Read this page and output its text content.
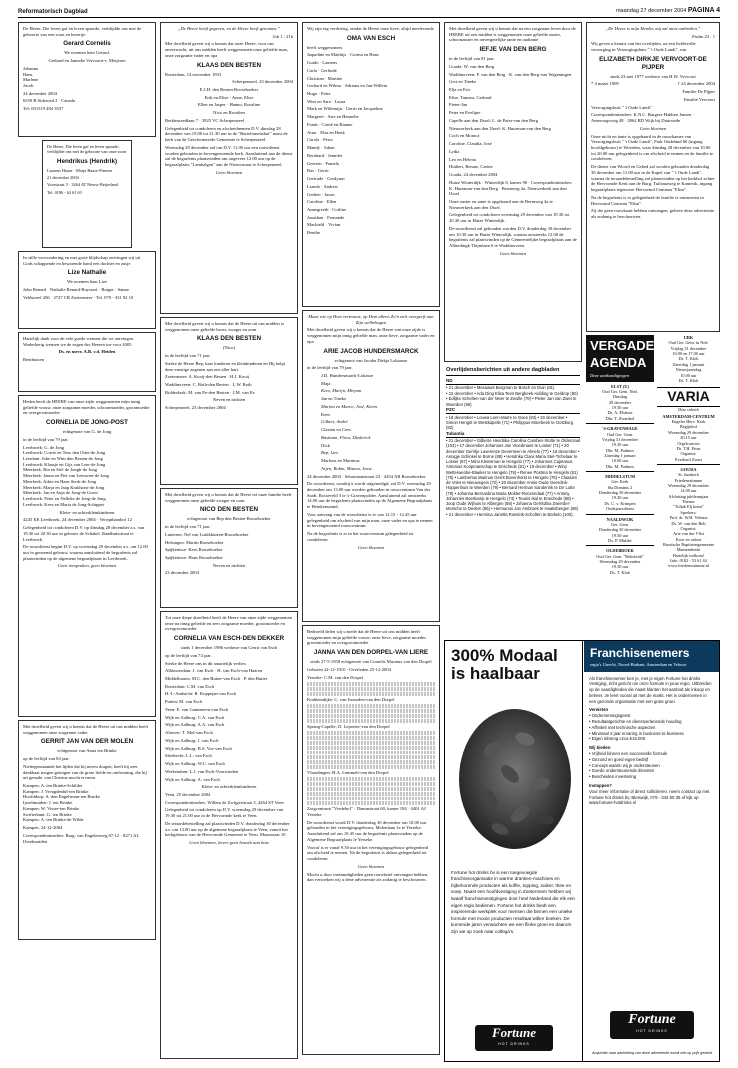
Reformatorisch Dagblad	maandag 27 december 2004 PAGINA 4

De Heere, Die leven gaf en leven spaarde, verblijdde ons met de geboorte van een zoon en broertje

Gerard Cornelis

We noemen hem Gerard.

Gerhard en Janneke Vervoorn-v. Meijeren

Johanna
Hans
Marlene
Jacob

24 december 2004

6550 B Sideroad 2 · Canada

Tel: 001519 484 3537

De Heere, Die leven gaf en leven spaarde, verblijdde ons met de geboorte van onze zoon

Hendrikus (Hendrik)

Laurens Haase · Marja Haase-Prinsen

21 december 2004

Voorstraat 3 · 3264 AT Nieuw-Beijerland

Tel. 0186 - 62 61 63

In stille verwondering en met grote blijdschap ontvingen wij uit Gods schappende en bewarende hand een dochter en zusje

Lize Nathalie

We noemen haar Lize

John Renard · Nathalie Renard-Ruyssert · Ruiger · Sanne

Veldstreef 206 · 2727 CR Zoetermeer · Tel. 079 - 331 92 10

Hartelijk dank voor de vele goede wensen die we ontvingen. Wederkerig wensen we de zegen des Heeren toe voor 2005.

Ds. en mevr. A.B. v.d. Heiden

Benthuizen

Heden heeft de HEERE van onze zijde weggenomen mijn innig geliefde vrouw, onze zorgzame moeder, schoonmoeder, grootmoeder en overgrootmoeder

CORNELIA DE JONG-POST

echtgenote van G. de Jong

in de leeftijd van 79 jaar.

Leerbroek: G. de Jong
Leerbroek: Corrie en Teus den Otter-de Jong
Leerdam: Joke en Wim den Besten-de Jong
Leerbroek: Klaasje en Gijs van Leer-de Jong
Meerkerk: Ria en Stef de Jongh-de Jong
Meerkerk: Janna en Piet van Leeuwen-de Jong
Meerkerk: Adrie en Hans Sterk-de Jong
Meerkerk: Marja en Jaap Krakhorst-de Jong
Meerkerk: Jan en Anja de Jong-de Groot
Leerbroek: Peter en Nelleke de Jong-de Jong
Leerbroek: Kees en Maria de Jong-Schipper

Klein- en achterkleinkinderen

4245 KE Leerbroek, 24 december 2004 · Verripthamhof 12

Gelegenheid tot condoleren D.V. op dinsdag 28 december a.s. van 19.30 tot 20.30 uur in gebouw de Schakel, Raadhuisstraat te Leerbroek.

De rouwdienst begint D.V. op woensdag 29 december a.s. om 12.00 uur in genoemd gebouw, waarna aansluitend de begrafenis zal plaatsvinden op de algemene begraafplaats in Leerbroek.

Geen toespraken, geen bloemen

Met droefheid geven wij u kennis dat de Heere uit ons midden heeft weggenomen onze zorgzame vader

GERRIT JAN VAN DER MOLEN

echtgenoot van Anna ten Brinke

op de leeftijd van 84 jaar.

Niettegenstaande het lijden dat hij moest dragen, heeft hij zeer dankbaar mogen getuigen van de grote liefde en ontferming, die hij uit genade, van Christus mocht ervaren.

Kampen: A. ten Brinke-Schilder
Kampen: J. Vreugdenhil-ten Brinke
Hoofddorp: A. den Engelsman-ten Brinke
Ijsselmuiden: J. ten Brinke
Kampen: W. Visser-ten Brinke
Swifterbant: G. ten Brinke
Kampen: A. ten Brinke-de Wilde

Kampen, 24-12-2004

Correspondentieadres: Burg. van Engelenweg 67-12 · 8271 AL IJsselmuiden

„De Heere heeft gegeven, en de Heere heeft genomen.”

Job 1 : 21b

Met droefheid geven wij u kennis dat onze Heere, voor ons onverwacht, uit ons midden heeft weggenomen onze geliefde man, onze zorgzame vader en opa

KLAAS DEN BESTEN

Rotterdam, 14 november 1933

Scherpenzeel, 23 december 2004

E.J.H. den Besten-Rooseboeker

Erik en Elise · Anne, Elise

Ellen en Jasper · Hanno, Rosaline

Nico en Rosalien

Berkinsteedlaan 7 · 3925 VC Scherpenzeel

Gelegenheid tot condoleren en afscheidnemen D.V. dinsdag 28 december van 19.00 tot 21.30 uur in de "Bartolomeüshof" naast de kerk van de Gereformeerde Gemeente te Scherpenzeel.

Woensdag 29 december zal om D.V. 11.00 uur een rouwdienst worden gehouden in bovengenoemde kerk. Aansluitend aan de dienst zal de begrafenis plaatsvinden om ongeveer 12.00 uur op de begraafplaats "Lambalgen" aan de Nieuwstraat te Scherpenzeel.

Geen bloemen

Met droefheid geven wij u kennis dat de Heere uit ons midden is weggenomen onze geliefde broer, zwager en oom

KLAAS DEN BESTEN

(Nico)

in de leeftijd van 71 jaar.

Sterke de Heere Bep, haar kinderen en kleinkinderen en Hij helpt deze ernstige zegenen aan ons aller hart.

Zoetermeer: A. Kooij-den Besten · H.J. Kooij

Waddinxveen: C. Both-den Besten · L.W. Both

Ridderkerk: M. van Ee-den Besten · J.M. van Ee

Neven en nichten

Scherpenzeel, 23 december 2004

Met droefheid geven wij u kennis dat de Heere tot onze familie heeft weggenomen onze geliefde zwager en oom

NICO DEN BESTEN

echtgenoot van Bep den Besten-Rooseboeker

in de leeftijd van 71 jaar.

Lunteren: Nel van Luttikhuizen-Rooseboeker

Helsingen: Martin Rooseboeker

Spijkenisse: Kees Rooseboeker

Spijkenisse: Hans Rooseboeker

Neven en nichten

23 december 2004

Tot onze diepe droefheid heeft de Heere van onze zijde weggenomen onze na innig geliefde en zeer zorgzame moeder, grootmoeder en overgrootmoeder

CORNELIA VAN ESCH-DEN DEKKER

sinds 1 december 1986 weduwe van Gerrit van Esch

op de leeftijd van 74 jaar.

Sterke de Heere ons in dit smartelijk verlies.

Alblasserdam: J. van Esch · H. van Esch-van Haaren

Middelharnis: M.C. den Butter-van Esch · P. den Butter

Rotterdam: C.M. van Esch

H.-I.-Ambacht: R. Koppejan-van Esch

Putten: M. van Esch

Veen: E. van Gammeren-van Esch

Wijk en Aalburg: C.A. van Esch

Wijk en Aalburg: A.A. van Esch

Altewer: T. Mol-van Esch

Wijk en Aalburg: J. van Esch

Wijk en Aalburg: B.S. Vos-van Esch

Sliedrecht: L.L. van Esch

Wijk en Aalburg: W.C. van Esch

Werkendam: L.J. van Esch-Voorwinden

Wijk en Aalburg: A. van Esch

Klein- en achterkleinkinderen

Veen, 25 december 2004

Correspondentieadres: Willem de Zwijgerstraat 3, 4264 ST Veen

Gelegenheid tot condoleren op D.V. woensdag 29 december van 19.30 tot 21.00 uur in de Hervormde kerk te Veen.

De teraardebestelling zal plaatsvinden D.V. donderdag 30 december a.s. om 13.00 uur op de algemene begraafplaats te Veen, vanuit het kerkgebouw van de Hervormde Gemeente te Veen, Maasstraat 10.

Geen bloemen, liever geen bezoek aan huis

Wij zijn erg verdrietig, omdat de Heere onze lieve, altijd meelevende

OMA VAN ESCH

heeft weggenomen.

Jaqueline en Matthijs · Corina en Hans

Guido · Laurens

Carla · Gerlinde

Christian · Martine

Gerhard en Wilma · Adriana en Jan-Willem

Hugo · Peter

Wim en Sara · Laura

Mark en Willemijn · Gerrit en Jacqueline

Margreet · Arie en Hannelie

Frank · Corné en Rianne

Arnu · Elsa en Henk

Carola · Petra

Mandy · Johan

Bernhard · Jennifer

Geerten · Pamela

Bas · Gerrit

Gertrude · Gerdymn

Lianda · Andrew

Gerben · Jason

Caroline · Ellen

Annegreeth · Corline

Jonathan · Fernande

Machteld · Vivian

Benthe

Maar wie op Hem vertrouwt, op Hem alleen Zo'n zich overgeeft aan Zijn welbehagen

Met droefheid geven wij u kennis dat de Heere van onze zijde is weggenomen mijn innig geliefde man, onze lieve, zorgzame vader en opa

ARIE JACOB HUNDERSMARCK

echtgenoot van Jacoba Dirkje Lokaasse

in de leeftijd van 79 jaar.

J.D. Hundersmarck-Lokasse

Maja

Kees, Marijn, Mirjam

Jan en Tineke

Marina en Marco, José, Karin

Kees

Gilbert, André

Claxien en Cees

Bastiaan, Flora, Diederick

Dick

Bep, Lies

Marlous en Martinus

Arjen, Robin, Manon, Josse

24 december 2004 · Sebastiaanstraat 23 · 4454 AR Rooseboeker

De rouwdienst, waarbij u wordt uitgenodigd, zal D.V. woensdag 29 december om 13.00 uur worden gehouden in rouwcentrum Van der Stadt, Rosseveld 3 te 's-Gravenpolder. Aansluitend zal omstreeks 14.00 uur de begrafenis plaatsvinden op de Algemene Begraafplaats te Heinkenszand.

Voor aanvang van de rouwdienst is er van 12.15 - 12.45 uur gelegenheid om afscheid van mijn man, onze vader en opa te nemen in bovengenoemd rouwcentrum.

Na de begrafenis is er in het rouwcentrum gelegenheid tot condoleren.

Geen bloemen

Bedroefd delen wij u mede dat de Heere uit ons midden heeft weggenomen mijn geliefde vrouw, onze lieve, zorgzame moeder, grootmoeder en overgrootmoeder

JANNA VAN DEN DORPEL-VAN LIERE

sinds 27-5-1958 echtgenote van Cornelis Marinus van den Dorpel

Geboren 24-12-1910 · Overleden 25-12-2004

Yerseke: C.M. van den Dorpel

Krabbendijke: C. van Iwaarden-van den Dorpel

Sprang-Capelle: D. Lepoeter-van den Dorpel

Vlaardingen: H.A. Lemmelt-van den Dorpel

Zorgcentrum "Vredehof" · Dammstraat 60, kamer 184 · 4401 AJ Yerseke

De rouwdienst wordt D.V. donderdag 30 december om 10.00 uur gehouden in het verenigingsgebouw, Molenlaan 1a te Yerseke. Aansluitend zal om 10.45 uur de begrafenis plaatsvinden op de Algemene Begraafplaats te Yerseke.

Vooraf is er vanaf 9.30 uur in het verenigingsgebouw gelegenheid om afscheid te nemen. Na de begrafenis is aldaar gelegenheid tot condoleren.

Geen bloemen

Mocht u door omstandigheden geen rouwbrief ontvangen hebben, dan verzoeken wij u deze advertentie als zodanig te beschouwen.

Met droefheid geven wij u kennis dat na een zorgzaam leven door de HEERE uit ons midden is weggenomen onze geliefde zuster, schoonzuster en onvergetelijke tante en oudtante

IEFJE VAN DEN BERG

in de leeftijd van 81 jaar.

Gouda: W. van den Berg

Waddinxveen: P. van den Berg · K. van den Berg-van Wageningen

Gert en Tineke

Elja en Eric

Elise, Tamara, Gerhard

Pieter-Jan

Peter en Evelijne

Capelle aan den IJssel: L. de Pater-van den Berg

Nieuwerkerk aan den IJssel: K. Huurman-van den Berg

Coch en Monica

Caroline, Claudia, José

Lydia

Leo en Helena

Huibert, Renate, Carine

Gouda, 24 december 2004

Huize Winterdijk · Winterdijk 8, kamer 90 · Correspondentieadres: K. Huurman-van den Berg · Bermweg 4a, Nieuwerkerk aan den IJssel

Onze zuster en tante is opgebaard aan de Bermweg 4a te Nieuwerkerk aan den IJssel.

Gelegenheid tot condoleren woensdag 29 december van 19.30 tot 20.30 uur in Huize Winterdijk.

De rouwdienst zal gehouden worden D.V. donderdag 30 december om 10.30 uur in Huize Winterdijk, waarna omstreeks 12.00 de begrafenis zal plaatsvinden op de Gemeentelijke begraafplaats aan de Alberdingk Thijmlaan 6 te Waddinxveen.

Geen bloemen

Overlijdensberichten uit andere dagbladen
ND
• 21 december • Mesaaws Bergman te Bosch en Duin (81)
• 22 december • Ada Ding Elisa Tees Bergbeek-Adiding te Geldrop (80) • Ediljke Schelten-van der Meer te Zwolle (79) • Pieter Jan van Zwet te Woerden (96)
PZC
• 18 december • Louwa Leen-Marre te Goes (83) • 20 december • Simon Hengst te Westkapelle (71) • Philippus Moerbeek te Oostburg (82)
Tubantia
• 21 december • Gilberte Hendrika Carolina Cambier-Stolte te Oldenzaal (103) • 17 december Johannes Jan Vloedmans te Losser (71) • 20 december Gerritje Laverenze Deverseen te Almelo (77) • 18 december • Annigje Schinkel te Borne (88) • Hendrika Clara Maria Stel-Tichelaar te Losser (87) • Mimi Kleinsman te Hengelo (77) • Johannes Cajetanus Antonius Koopmanschap te Enschede (81) • 19 december • Winy Wetterwenbe-Blaeker te Hengelo (78) • Renee Postma te Hengelo (81) (75) • Lambertus Marinus Gerrit Bovenhorst te Hengelo (76) • Claasien de Vries te Nieuwegein (72) • 20 december Annie Oude Geerdink-Hoppenhuis te Wierden (79) • Bernard Herman Sanderink te De Lutte (78) • Johanna Bernardina Maria Molder-Roozendaal (77) • Antony Johannes Boerkamp te Hengelo (74) • Teunis Ikal te Enschede (88) • Joop Oude Wijhuis te Albergen (58) • Johanna Gerritdina Zwierder-Morsche te Dedem (86) • Hermanus Jan Ambroek te Haaksbergen (69) • 21 december • Hermina Janetta Roesink-Scholten te Borkelo (100).

„De Heere is mijn Herder, mij zal niets ontbreken.”

Psalm 23 : 1

Wij geven u kennis van het overlijden, na een liefdevolle verzorging in Verzorgingshuis " 't Oude Landt", van

ELIZABETH DIRKJE VERVOORT-DE PIJPER

sinds 23 mei 1977 weduwe van H.W. Vervoort

* 4 maart 1909	† 24 december 2004

Familie De Pijper

Familie Vervoort

Verzorgingshuis " 't Oude Landt"

Correspondentieadres: K.N.C. Burgers-Habben Jansen · Ameroogsweg 48 · 2862 RD Wijk bij Duurstede

Geen bloemen

Onze nicht en tante is opgebaard in de rouwkamer van Verzorgingshuis " 't Oude Landt", Park Oudeland 60 (ingang hoofdgebouw) te Woerden, waar dinsdag 28 december van 19.00 tot 20.00 uur gelegenheid is om afscheid te nemen en de familie te condoleren.

De dienst van Woord en Gebed zal worden gehouden donderdag 30 december om 11.00 uur in de Kapel van " 't Oude Landt", waarna de teraardebestelling zal plaatsvinden op het kerkhof achter de Hervormde Kerk aan de Burg. Tuilsmaweg te Kamerik, ingang begraafplaats tegenover Hervormd Centrum "Elim".

Na de begrafenis is er gelegenheid de familie te ontmoeten in Hervormd Centrum "Elim".

Zij die geen rouwkaart hebben ontvangen, gelieve deze advertentie als zodanig te beschouwen.

VERGADER-
AGENDA
Deze aankondigingen
ELST (U)

Oud Ger. Gem. Ned.

Dinsdag

28 december

19.30 uur

Ds. A. Elshout

Dhr. T. Zwartbol

'S-GRAVENHAGE

Oud Ger. Gem.

Vrijdag 31 december

19.30 uur

Dhr. M. Padmos

Zaterdag 1 januari

10.00 uur

Dhr. M. Padmos

MIDDELSTUM

Ger. Kerk

Sta.Dominis 2

Donderdag 30 december

19.30 uur

Ds. C. v. Krimpen

Oudejaarsdienst

NAALDWIJK

Ger. Gem.

Donderdag 30 december

19.30 uur

Ds. P. Mulder

OLDEBROEK

Oud Ger. Gem. "Rehoboth"

Woensdag 29 december

19.30 uur

Ds. T. Klok

URK

Oud Ger. Gem. in Ned.

Vrijdag 31 december

10.00 en 17.00 uur

Ds. T. Klok

Zaterdag 1 januari

Nieuwjaarsdag

10.00 uur

Ds. T. Klok

VARIA
Deze rubriek
AMSTERDAM-CENTRUM

Engelse Herv. Kerk

Begijnhof

Woensdag 29 december

20.15 uur

Orgelconcert

Dr. T.H. Prins

Organist:

Everhard Zwart

GOUDA

St. Janskerk

Friedensstimme

Woensdag 29 december

14.00 uur

Afsluiting jubileumjaar

Thema:

"Toltak Elj komt"

Sprekers:

Prof. dr. W.H. Velema

Ds. W. van den Belt

Organist:

Arie van der Vlist

Koor en orkest

Russische Baptistengemeente

Mamembeide

Hartelijk welkom!

Info: 0182 - 53 61 44

www.friedensstimme.nl

300% Modaal
is haalbaar

Fortune hot drinks bv is een toegevoegde franchiseorganisatie in warme dranken-machines en bijbehorende producten als koffie, topping, suiker, thee en soep. Naast een hoofdvestiging in Zoetermeer hebben wij twaalf franchisevestigingen door heel Nederland die elk een eigen regio bedienen. Fortune hot drinks biedt een inspirerende werkplek voor mensen die binnen een unieke formule met mooie producten resultaat willen boeken. De komende jaren verwachten we een flinke groei en daarom zijn we op zoek naar collega's.

Fortune
HOT DRINKS
Franchisenemers
regio's Utrecht, Noord-Brabant, Amsterdam en Veluwe

Als franchisenemer ben je, met je eigen Fortune hot drinks Vestiging, écht gericht om onze formule in jouw regio. Uitbreiden op de vaardigheden die naast klanten het aanbod als inkoop en beheer. Je leert vooral uit met de markt. Het is ondernemen in een gezonde organisatie met een grote groei.

Vereisten

• Ondernemingsgeest

• Resultaatgerichte en dienstverlenende houding

• Affiniteit met technische aspecten

• Minimaal 3 jaar ervaring in business-to-business

• Eigen inbreng circa €15.000

Wij bieden

• Vrijheid binnen een succesvolle formule

• Gezond en goed eigen bedrijf

• Concept waarin wij je ondersteunen

• Goede ondersteunende diensten

• Bescheiden investering

Instappen?

Voor meer informatie of direct solliciteren: neem contact op met Fortune hot drinks bv, Bleiswijk, 079 - 342 50 35 of kijk op www.fortune-hotdrinks.nl

Fortune
HOT DRINKS

Acquisitie naar aanleiding van deze advertentie wordt niet op prijs gesteld
